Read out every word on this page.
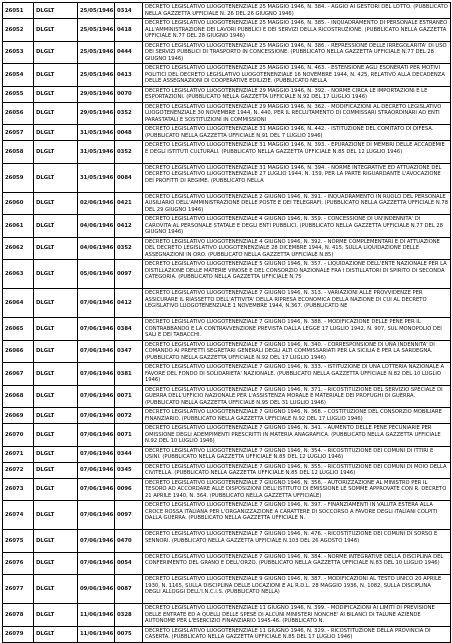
26051	DLGLT	25/05/1946	0314	DECRETO LEGISLATIVO LUOGOTENENZIALE 25 MAGGIO 1946, N. 384. - AGGIO AI GESTORI DEL LOTTO. (PUBBLICATO NELLA GAZZETTA UFFICIALE N. 26 DEL 26 GIUGNO 1946)
26052	DLGLT	25/05/1946	0418	DECRETO LEGISLATIVO LUOGOTENENZIALE 25 MAGGIO 1946, N. 385. - INQUADRAMENTO DI PERSONALE ESTRANEO ALL'AMMINISTRAZIONE DEI LAVORI PUBBLICI E DEI SERVIZI DELLA RICOSTRUZIONE. (PUBBLICATO NELLA GAZZETTA UFFICIALE N.77 DEL 28 GIUGNO 1946)
26053	DLGLT	25/05/1946	0444	DECRETO LEGISLATIVO LUOGOTENENZIALE 25 MAGGIO 1946, N. 386. - REPRESSIONE DELLE IRREGOLARITA' DI USO DEI SERVIZI PUBBLICI DI TRASPORTO IN CONCESSIONE. (PUBBLICATO NELLA GAZZETTA UFFICIALE N.77 DEL 28 GIUGNO 1946)
26054	DLGLT	25/05/1946	0413	DECRETO LEGISLATIVO LUOGOTENENZIALE 25 MAGGIO 1946, N. 463. - ESTENSIONE AGLI ESONERATI PER MOTIVI POLITICI DEL DECRETO LEGISLATIVO LUOGOTENENZIALE 16 NOVEMBRE 1944, N. 425, RELATIVO ALLA DECADENZA DELLE ASSEGNAZIONI DI COOPERATIVE EDILIZIE. (PUBBLICATO NELLA
26055	DLGLT	29/05/1946	0070	DECRETO LEGISLATIVO LUOGOTENENZIALE 29 MAGGIO 1946, N. 392. - NORME CIRCA LE IMPORTAZIONI E LE ESPORTAZIONI. (PUBBLICATO NELLA GAZZETTA UFFICIALE N.92 DEL 17 LUGLIO 1946)
26056	DLGLT	29/05/1946	0352	DECRETO LEGISLATIVO LUOGOTENENZIALE 29 MAGGIO 1946, N. 362. - MODIFICAZIONI AL DECRETO LEGISLATIVO LUOGOTENENZIALE 30 NOVEMBRE 1944, N. 440, PER IL RECLUTAMENTO DI COMMISSARI STRAORDINARI AD ENTI PARASTATALI E SOSTITUZIONI IN COMMISSIONI
26057	DLGLT	31/05/1946	0048	DECRETO LEGISLATIVO LUOGOTENENZIALE 31 MAGGIO 1946, N. 442. - ISTITUZIONE DEL COMITATO DI DIFESA. (PUBBLICATO NELLA GAZZETTA UFFICIALE N.91 DEL 7 LUGLIO 1946)
26058	DLGLT	31/05/1946	0352	DECRETO LEGISLATIVO LUOGOTENENZIALE 31 MAGGIO 1946, N. 393. - EPURAZIONE DI MEMBRI DELLE ACCADEMIE E DEGLI ISTITUTI CULTURALI. (PUBBLICATO NELLA GAZZETTA UFFICIALE N.85 DEL 12 LUGLIO 1946)
26059	DLGLT	31/05/1946	0084	DECRETO LEGISLATIVO LUOGOTENENZIALE 31 MAGGIO 1946, N. 394. - NORME INTEGRATIVE ED ATTUAZIONE DEL DECRETO LEGISLATIVO LUOGOTENENZIALE 27 LUGLIO 1944, N. 159, PER LA PARTE RIGUARDANTE L'AVOCAZIONE DEI PROFITTI DI REGIME. (PUBBLICATO NELLA
26060	DLGLT	02/06/1946	0421	DECRETO LEGISLATIVO LUOGOTENENZIALE 2 GIUGNO 1946, N. 391. - INQUADRAMENTO IN RUOLO DEL PERSONALE AUSILIARIO DELL'AMMINISTRAZIONE DELLE POSTE E DEI TELEGRAFI. (PUBBLICATO NELLA GAZZETTA UFFICIALE N.78 DEL 29 GIUGNO 1946)
26061	DLGLT	04/06/1946	0412	DECRETO LEGISLATIVO LUOGOTENENZIALE 4 GIUGNO 1946, N. 359. - CONCESSIONE DI UN'INDENNITA' DI CAROVITA AL PERSONALE STATALE E DEGLI ENTI PUBBLICI. (PUBBLICATO NELLA GAZZETTA UFFICIALE N.77 DEL 28 GIUGNO 1946)
26062	DLGLT	04/06/1946	0352	DECRETO LEGISLATIVO LUOGOTENENZIALE 4 GIUGNO 1946, N. 392. - NORME COMPLEMENTARI E DI ATTUAZIONE DEL DECRETO LEGISLATIVO LUOGOTENENZIALE 28 DICEMBRE 1944, N. 415, SULLA LIQUIDAZIONE DELLE ASSEGNAZIONI IN ORO. (PUBBLICATO NELLA GAZZETTA UFFICIALE N.85)
26063	DLGLT	05/06/1946	0097	DECRETO LEGISLATIVO LUOGOTENENZIALE 5 GIUGNO 1946, N. 357. - LIQUIDAZIONE DELL'ENTE NAZIONALE PER LA DISTILLAZIONE DELLE MATERIE VINOSE E DEL CONSORZIO NAZIONALE FRA I DISTILLATORI DI SPIRITO DI SECONDA CATEGORIA. (PUBBLICATO NELLA GAZZETTA UFFICIALE N.75
26064	DLGLT	07/06/1946	0412	DECRETO LEGISLATIVO LUOGOTENENZIALE 7 GIUGNO 1946, N. 313. - VARIAZIONI ALLE PROVVIDENZE PER ASSICURARE IL RIASSETTO DELL'ATTIVITA' DELLA RIPRESA ECONOMICA DELLA NAZIONE DI CUI AL DECRETO LEGISLATIVO LUOGOTENENZIALE 1 NOVEMBRE 1944, N.367. (PUBBLICATO NE
26065	DLGLT	07/06/1946	0384	DECRETO LEGISLATIVO LUOGOTENENZIALE 7 GIUGNO 1946, N. 388. - MODIFICAZIONE DELLE PENE PER IL CONTRABBANDO E LA CONTRAVVENZIONE PREVISTA DALLA LEGGE 17 LUGLIO 1942, N. 907, SUL MONOPOLIO DEI SALI E DEI TABACCHI.
26066	DLGLT	07/06/1946	0347	DECRETO LEGISLATIVO LUOGOTENENZIALE 7 GIUGNO 1946, N. 340. - CORRESPONSIONE DI UNA INDENNITA' DI COMANDO AI PREFETTI SEGRETARI GENERALI DEGLI ALTI COMMISSARIATI PER LA SICILIA E PER LA SARDEGNA. (PUBBLICATO NELLA GAZZETTA UFFICIALE N.92 DEL 17 LUGLIO 1946)
26067	DLGLT	07/06/1946	0381	DECRETO LEGISLATIVO LUOGOTENENZIALE 7 GIUGNO 1946, N. 333. - ISTITUZIONE DI UNA LOTTERIA NAZIONALE A FAVORE DEL FONDO DI SOLIDARIETA' NAZIONALE. (PUBBLICATO NELLA GAZZETTA UFFICIALE N.82 DEL 10 LUGLIO 1946)
26068	DLGLT	07/06/1946	0071	DECRETO LEGISLATIVO LUOGOTENENZIALE 7 GIUGNO 1946, N. 371. - RICOSTITUZIONE DEL SERVIZIO SPECIALE DI GUERRA DELL'UFFICIO NAZIONALE PER L'ASSISTENZA MORALE E MATERIALE DEI PROFUGHI DI GUERRA. (PUBBLICATO NELLA GAZZETTA UFFICIALE N.95 DEL 31 LUGLIO 1946)
26069	DLGLT	07/06/1946	0072	DECRETO LEGISLATIVO LUOGOTENENZIALE 7 GIUGNO 1946, N. 368. - COSTITUZIONE DEL CONSORZIO MOBILIARE FINANZIARIO. (PUBBLICATO NELLA GAZZETTA UFFICIALE N.92 DEL 17 LUGLIO 1946)
26070	DLGLT	07/06/1946	0071	DECRETO LEGISLATIVO LUOGOTENENZIALE 7 GIUGNO 1946, N. 341. - AUMENTO DELLE PENE PECUNIARIE PER OMISSIONE DEGLI ADEMPIMENTI PRESCRITTI IN MATERIA ANAGRAFICA. (PUBBLICATO NELLA GAZZETTA UFFICIALE N.92 DEL 10 LUGLIO 1946)
26071	DLGLT	07/06/1946	0344	DECRETO LEGISLATIVO LUOGOTENENZIALE 7 GIUGNO 1946, N. 354. - RICOSTITUZIONE DEI COMUNI DI ITTIRI E USINI. (PUBBLICATO NELLA GAZZETTA UFFICIALE N.85 DEL 12 LUGLIO 1946)
26072	DLGLT	07/06/1946	0345	DECRETO LEGISLATIVO LUOGOTENENZIALE 7 GIUGNO 1946, N. 355. - RICOSTITUZIONE DEI COMUNI DI MOIO DELLA CIVITELLA. (PUBBLICATO NELLA GAZZETTA UFFICIALE N.85 DEL 12 LUGLIO 1946)
26073	DLGLT	07/06/1946	0096	DECRETO LEGISLATIVO LUOGOTENENZIALE 7 GIUGNO 1946, N. 356. - AUTORIZZAZIONE AL MINISTRO PER IL TESORO AD ACCORDARE ALLE DISPOSIZIONI DELL'ISTITUTO DI EMISSIONE LE SOMME APPROVATE CON R. DECRETO 21 APRILE 1940, N. 364. (PUBBLICATO NELLA GAZZETTA UFFICIALE)
26074	DLGLT	07/06/1946	0097	DECRETO LEGISLATIVO LUOGOTENENZIALE 7 GIUGNO 1946, N. 397. - FINANZIAMENTI IN VALUTA ESTERA ALLA CROCE ROSSA ITALIANA PER L'ORGANIZZAZIONE A CARATTERE DI SOCCORSO A FAVORE DEGLI ITALIANI COLPITI DALLA GUERRA. (PUBBLICATO NELLA GAZZETTA UFFICIALE N.
26075	DLGLT	07/06/1946	0470	DECRETO LEGISLATIVO LUOGOTENENZIALE 7 GIUGNO 1946, N. 476. - RICOSTITUZIONE DEI COMUNI DI SORSO E SENNORI. (PUBBLICATO NELLA GAZZETTA UFFICIALE N.103 DEL 26 AGOSTO 1946)
26076	DLGLT	07/06/1946	0054	DECRETO LEGISLATIVO LUOGOTENENZIALE 7 GIUGNO 1946, N. 384. - NORME INTEGRATIVE DELLA DISCIPLINA DEL CONFERIMENTO DEL GRANO E DELL'ORZO. (PUBBLICATO NELLA GAZZETTA UFFICIALE N.83 DEL 10 LUGLIO 1946)
26077	DLGLT	09/06/1946	0087	DECRETO LEGISLATIVO LUOGOTENENZIALE 9 GIUGNO 1946, N. 387. - MODIFICAZIONI AL TESTO UNICO 20 APRILE 1930, N. 1165, SULLA DISCIPLINA DELLE LOCAZIONI E AL R.D.L. 28 MAGGIO 1936, N. 1082, SULLA DISCIPLINA DEGLI ALLOGGI DELL'I.N.C.I.S. (PUBBLICATO NELLA)
26078	DLGLT	11/06/1946	0328	DECRETO LEGISLATIVO LUOGOTENENZIALE 11 GIUGNO 1946, N. 399. - MODIFICAZIONI AI LIMITI DI PREVISIONE DELLE ENTRATE ED A QUELLI DELLE SPESE DI ALCUNI MINISTERI NONCHE' AI BILANCI DI TALUNE AZIENDE AUTONOME PER L'ESERCIZIO FINANZIARIO 1945-46. (PUBBLICATO N.
26079	DLGLT	11/06/1946	0075	DECRETO LEGISLATIVO LUOGOTENENZIALE 11 GIUGNO 1946, N. 329. - RICOSTITUZIONE DELLA PROVINCIA DI CASERTA. (PUBBLICATO NELLA GAZZETTA UFFICIALE N.85 DEL 17 LUGLIO 1946)
